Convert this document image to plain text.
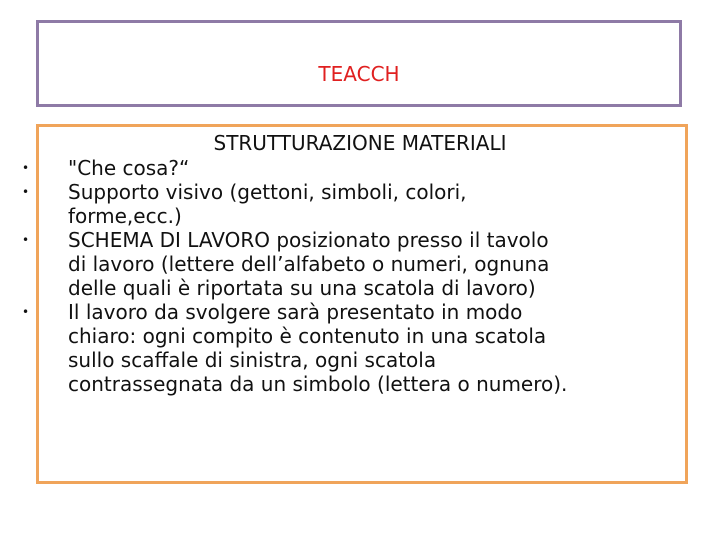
TEACCH
STRUTTURAZIONE MATERIALI
•	"Che cosa?“
•	Supporto visivo (gettoni, simboli, colori,
forme,ecc.)
•	SCHEMA DI LAVORO posizionato presso il tavolo
di lavoro (lettere dell’alfabeto o numeri, ognuna
delle quali è riportata su una scatola di lavoro)
•	Il lavoro da svolgere sarà presentato in modo
chiaro: ogni compito è contenuto in una scatola
sullo scaffale di sinistra, ogni scatola
contrassegnata da un simbolo (lettera o numero).
